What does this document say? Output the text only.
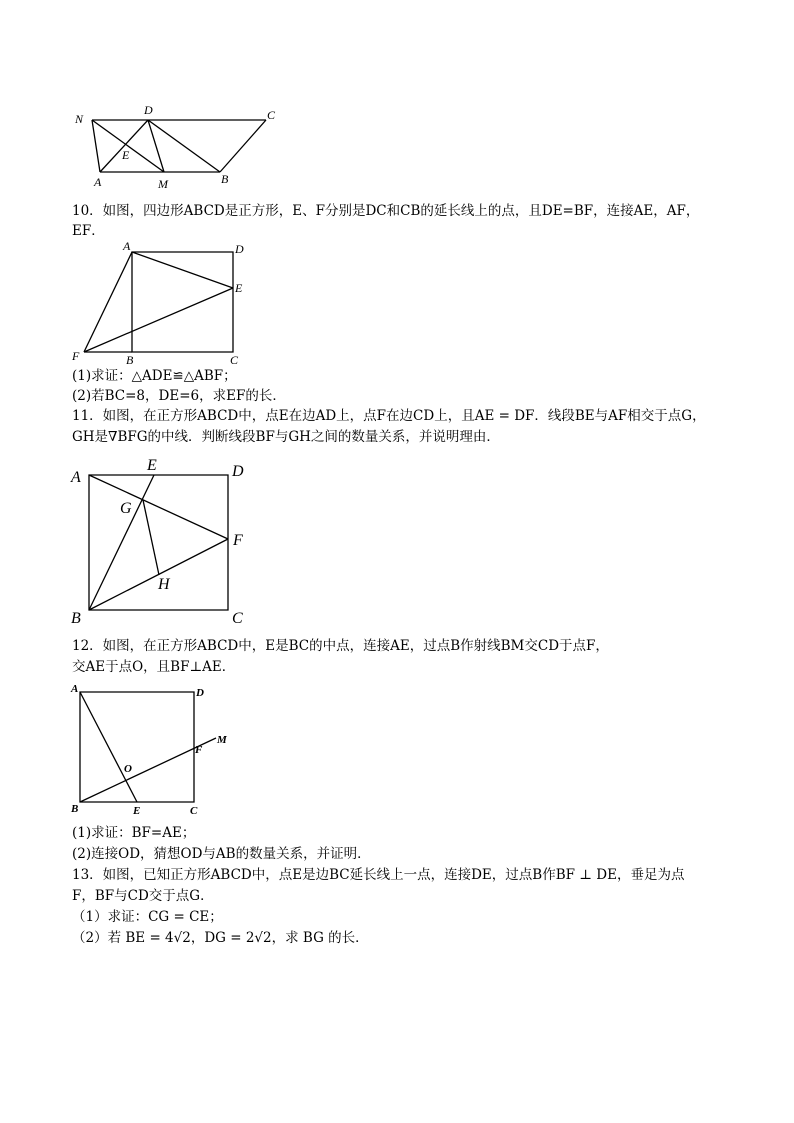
N
D	C
E
A	M	B
10．如图，四边形ABCD是正方形，E、F分别是DC和CB的延长线上的点，且DE=BF，连接AE，AF，
EF．
A	D
E
F	B	C
(1)求证：△ADE≌△ABF；
(2)若BC=8，DE=6，求EF的长．
11．如图，在正方形ABCD中，点E在边AD上，点F在边CD上，且AE = DF．线段BE与AF相交于点G，
GH是∇BFG的中线．判断线段BF与GH之间的数量关系，并说明理由．
A
E	D
G
F
H
B	C
12．如图，在正方形ABCD中，E是BC的中点，连接AE，过点B作射线BM交CD于点F，
交AE于点O，且BF⊥AE．
A	D
M
F
O
B	E	C
(1)求证：BF=AE；
(2)连接OD，猜想OD与AB的数量关系，并证明．
13．如图，已知正方形ABCD中，点E是边BC延长线上一点，连接DE，过点B作BF ⊥ DE，垂足为点
F，BF与CD交于点G．
（1）求证：CG = CE；
（2）若 BE = 4√2，DG = 2√2，求 BG 的长．
